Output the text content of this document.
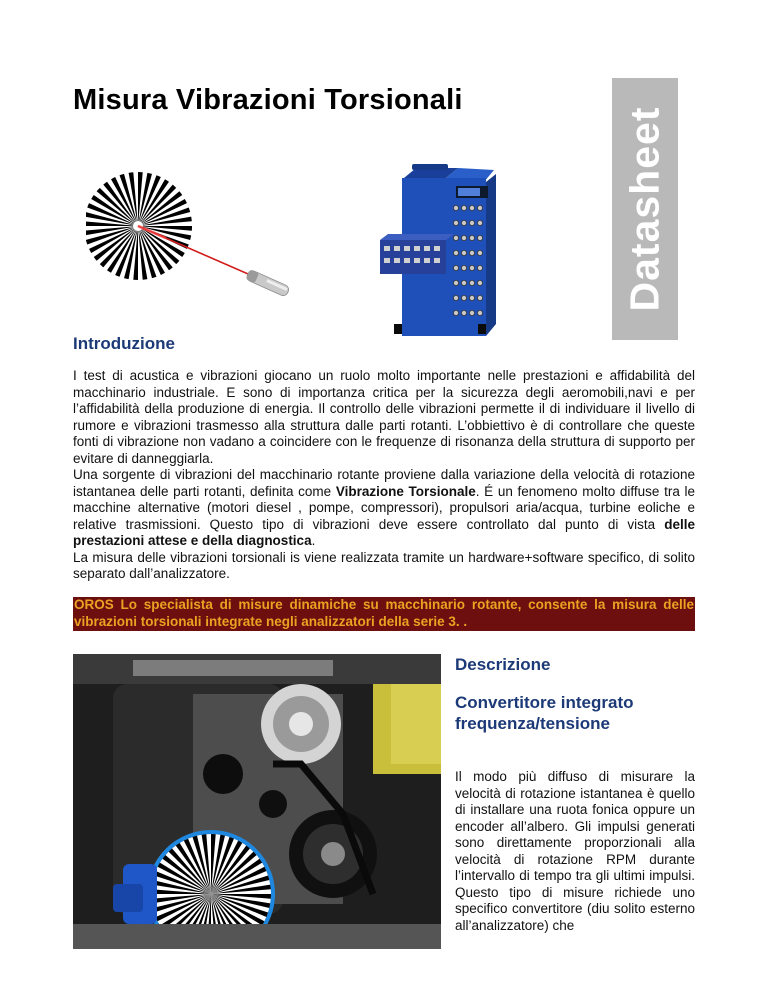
Misura Vibrazioni Torsionali
Datasheet
Introduzione

I test di acustica e vibrazioni giocano un ruolo molto importante nelle prestazioni e affidabilità del macchinario industriale. E sono di importanza critica per la sicurezza degli aeromobili,navi e per l’affidabilità della produzione di energia. Il controllo delle vibrazioni permette il di individuare il livello di rumore e vibrazioni trasmesso alla struttura dalle parti rotanti. L’obbiettivo è di controllare che queste fonti di vibrazione non vadano a coincidere con le frequenze di risonanza della struttura di supporto per evitare di danneggiarla.

Una sorgente di vibrazioni del macchinario rotante proviene dalla variazione della velocità di rotazione istantanea delle parti rotanti, definita come Vibrazione Torsionale. É un fenomeno molto diffuse tra le macchine alternative (motori diesel , pompe, compressori), propulsori aria/acqua, turbine eoliche e relative trasmissioni. Questo tipo di vibrazioni deve essere controllato dal punto di vista delle prestazioni attese e della diagnostica.

La misura delle vibrazioni torsionali is viene realizzata tramite un hardware+software specifico, di solito separato dall’analizzatore.

OROS Lo specialista di misure dinamiche su macchinario rotante, consente la misura delle vibrazioni torsionali integrate negli analizzatori della serie 3. .
Descrizione
Convertitore integrato frequenza/tensione

Il modo più diffuso di misurare la velocità di rotazione istantanea è quello di installare una ruota fonica oppure un encoder all’albero. Gli impulsi generati sono direttamente proporzionali alla velocità di rotazione RPM durante l’intervallo di tempo tra gli ultimi impulsi. Questo tipo di misure richiede uno specifico convertitore (diu solito esterno all’analizzatore) che
